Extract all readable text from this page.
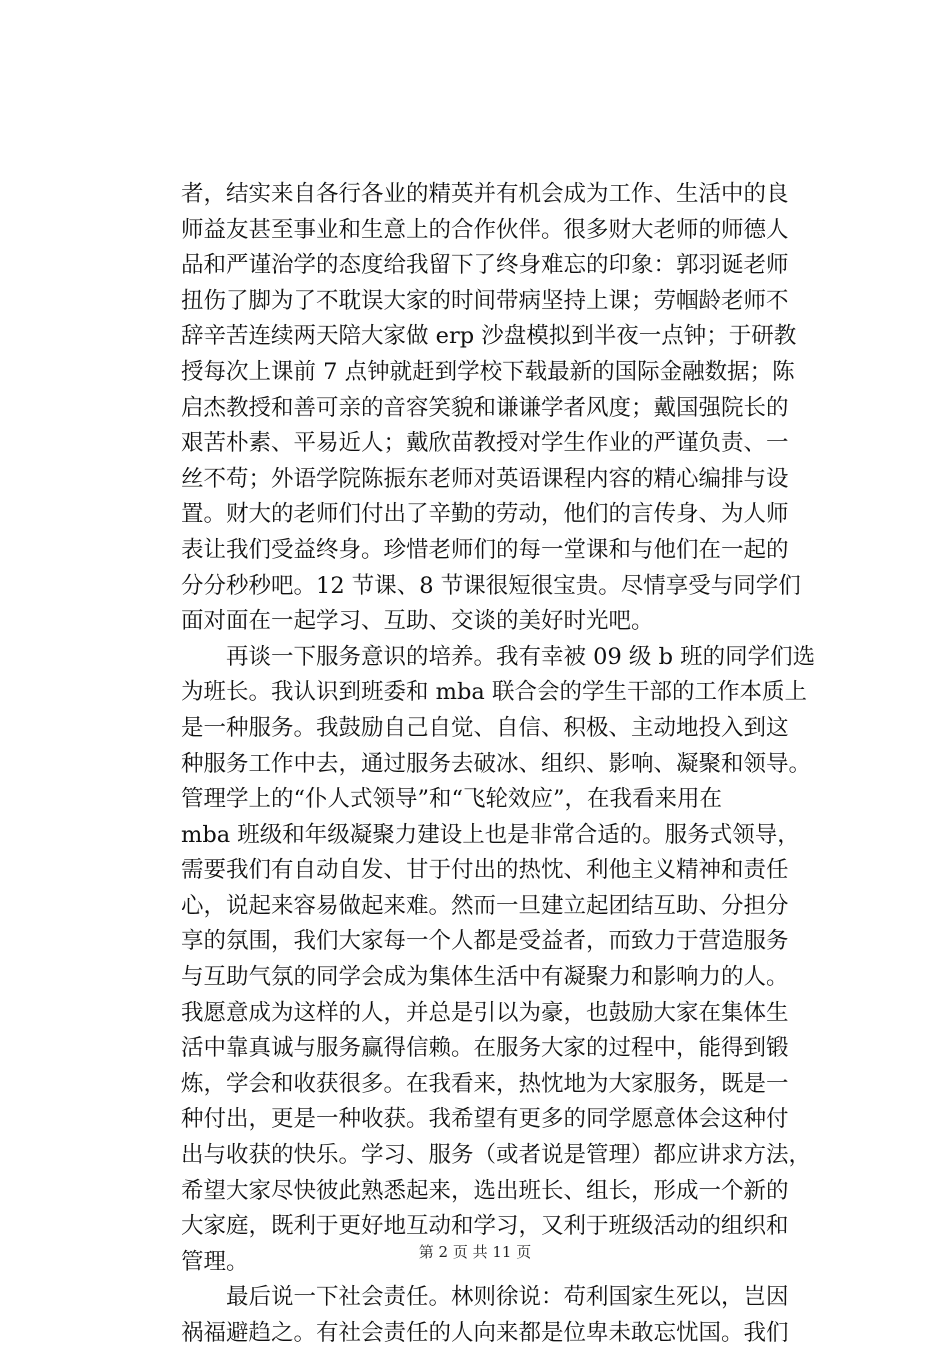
者，结实来自各行各业的精英并有机会成为工作、生活中的良
师益友甚至事业和生意上的合作伙伴。很多财大老师的师德人
品和严谨治学的态度给我留下了终身难忘的印象：郭羽诞老师
扭伤了脚为了不耽误大家的时间带病坚持上课；劳帼龄老师不
辞辛苦连续两天陪大家做 erp 沙盘模拟到半夜一点钟；于研教
授每次上课前 7 点钟就赶到学校下载最新的国际金融数据；陈
启杰教授和善可亲的音容笑貌和谦谦学者风度；戴国强院长的
艰苦朴素、平易近人；戴欣苗教授对学生作业的严谨负责、一
丝不苟；外语学院陈振东老师对英语课程内容的精心编排与设
置。财大的老师们付出了辛勤的劳动，他们的言传身、为人师
表让我们受益终身。珍惜老师们的每一堂课和与他们在一起的
分分秒秒吧。12 节课、8 节课很短很宝贵。尽情享受与同学们
面对面在一起学习、互助、交谈的美好时光吧。
　　再谈一下服务意识的培养。我有幸被 09 级 b 班的同学们选
为班长。我认识到班委和 mba 联合会的学生干部的工作本质上
是一种服务。我鼓励自己自觉、自信、积极、主动地投入到这
种服务工作中去，通过服务去破冰、组织、影响、凝聚和领导。
管理学上的“仆人式领导”和“飞轮效应”，在我看来用在
mba 班级和年级凝聚力建设上也是非常合适的。服务式领导，
需要我们有自动自发、甘于付出的热忱、利他主义精神和责任
心，说起来容易做起来难。然而一旦建立起团结互助、分担分
享的氛围，我们大家每一个人都是受益者，而致力于营造服务
与互助气氛的同学会成为集体生活中有凝聚力和影响力的人。
我愿意成为这样的人，并总是引以为豪，也鼓励大家在集体生
活中靠真诚与服务赢得信赖。在服务大家的过程中，能得到锻
炼，学会和收获很多。在我看来，热忱地为大家服务，既是一
种付出，更是一种收获。我希望有更多的同学愿意体会这种付
出与收获的快乐。学习、服务（或者说是管理）都应讲求方法，
希望大家尽快彼此熟悉起来，选出班长、组长，形成一个新的
大家庭，既利于更好地互动和学习，又利于班级活动的组织和
管理。
　　最后说一下社会责任。林则徐说：苟利国家生死以，岂因
祸福避趋之。有社会责任的人向来都是位卑未敢忘忧国。我们
第 2 页 共 11 页
